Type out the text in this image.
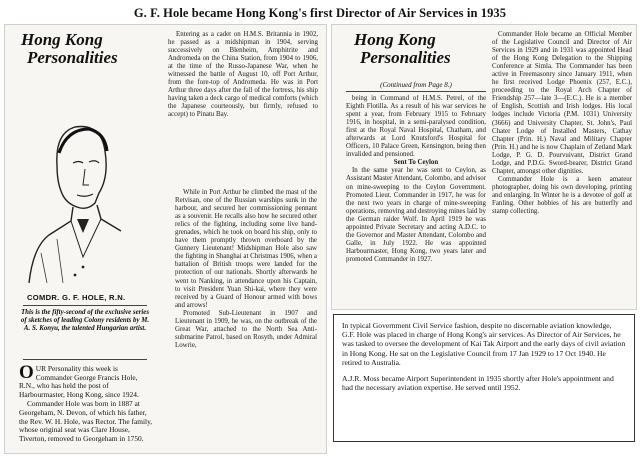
G. F. Hole became Hong Kong's first Director of Air Services in 1935
Hong Kong
Personalities
COMDR. G. F. HOLE, R.N.
This is the fifty-second of the exclusive series of sketches of leading Colony residents by M. A. S. Konyu, the talented Hungarian artist.
OUR Personality this week is Commander George Francis Hole, R.N., who has held the post of Harbourmaster, Hong Kong, since 1924.

Commander Hole was born in 1887 at Georgeham, N. Devon, of which his father, the Rev. W. H. Hole, was Rector. The family, whose original seat was Clare House, Tiverton, removed to Georgeham in 1750.

Entering as a cadet on H.M.S. Britannia in 1902, he passed as a midshipman in 1904, serving successively on Blenheim, Amphitrite and Andromeda on the China Station, from 1904 to 1906, at the time of the Russo-Japanese War, when he witnessed the battle of August 10, off Port Arthur, from the fore-top of Andromeda. He was in Port Arthur three days after the fall of the fortress, his ship having taken a deck cargo of medical comforts (which the Japanese courteously, but firmly, refused to accept) to Pinatu Bay.

While in Port Arthur he climbed the mast of the Retvisan, one of the Russian warships sunk in the harbour, and secured her commissioning pennant as a souvenir. He recalls also how he secured other relics of the fighting, including some live hand-grenades, which he took on board his ship, only to have them promptly thrown overboard by the Gunnery Lieutenant! Midshipman Hole also saw the fighting in Shanghai at Christmas 1906, when a battalion of British troops were landed for the protection of our nationals. Shortly afterwards he went to Nanking, in attendance upon his Captain, to visit President Yuan Shi-kai, where they were received by a Guard of Honour armed with bows and arrows!

Promoted Sub-Lieutenant in 1907 and Lieutenant in 1909, he was, on the outbreak of the Great War, attached to the North Sea Anti-submarine Patrol, based on Rosyth, under Admiral Lowrie,

Hong Kong
Personalities
(Continued from Page 8.)

being in Command of H.M.S. Petrel, of the Eighth Flotilla. As a result of his war services he spent a year, from February 1915 to February 1916, in hospital, in a semi-paralysed condition, first at the Royal Naval Hospital, Chatham, and afterwards at Lord Knutsford's Hospital for Officers, 10 Palace Green, Kensington, being then invalided and pensioned.

Sent To Ceylon

In the same year he was sent to Ceylon, as Assistant Master Attendant, Colombo, and advisor on mine-sweeping to the Ceylon Government. Promoted Lieut. Commander in 1917, he was for the next two years in charge of mine-sweeping operations, removing and destroying mines laid by the German raider Wolf. In April 1919 he was appointed Private Secretary and acting A.D.C. to the Governor and Master Attendant, Colombo and Galle, in July 1922. He was appointed Harbourmaster, Hong Kong, two years later and promoted Commander in 1927.

Commander Hole became an Official Member of the Legislative Council and Director of Air Services in 1929 and in 1931 was appointed Head of the Hong Kong Delegation to the Shipping Conference at Simla. The Commander has been active in Freemasonry since January 1911, when he first received Lodge Phoenix (257, E.C.), proceeding to the Royal Arch Chapter of Friendship 257—late 3—(E.C.). He is a member of English, Scottish and Irish lodges. His local lodges include Victoria (P.M. 1031) University (3666) and University Chapter, St. John's, Paul Chater Lodge of Installed Masters, Cathay Chapter (Prin. H.) Naval and Military Chapter (Prin. H.) and he is now Chaplain of Zetland Mark Lodge, P. G. D. Pourvuivant, District Grand Lodge, and P.D.G. Sword-bearer, District Grand Chapter, amongst other dignities.

Commander Hole is a keen amateur photographer, doing his own developing, printing and enlarging. In Winter he is a devotee of golf at Fanling. Other hobbies of his are butterfly and stamp collecting.

In typical Government Civil Service fashion, despite no discernable aviation knowledge, G.F. Hole was placed in charge of Hong Kong's air services. As Director of Air Services, he was tasked to oversee the development of Kai Tak Airport and the early days of civil aviation in Hong Kong. He sat on the Legislative Council from 17 Jan 1929 to 17 Oct 1940. He retired to Australia.

A.J.R. Moss became Airport Superintendent in 1935 shortly after Hole's appointment and had the necessary aviation expertise. He served until 1952.
